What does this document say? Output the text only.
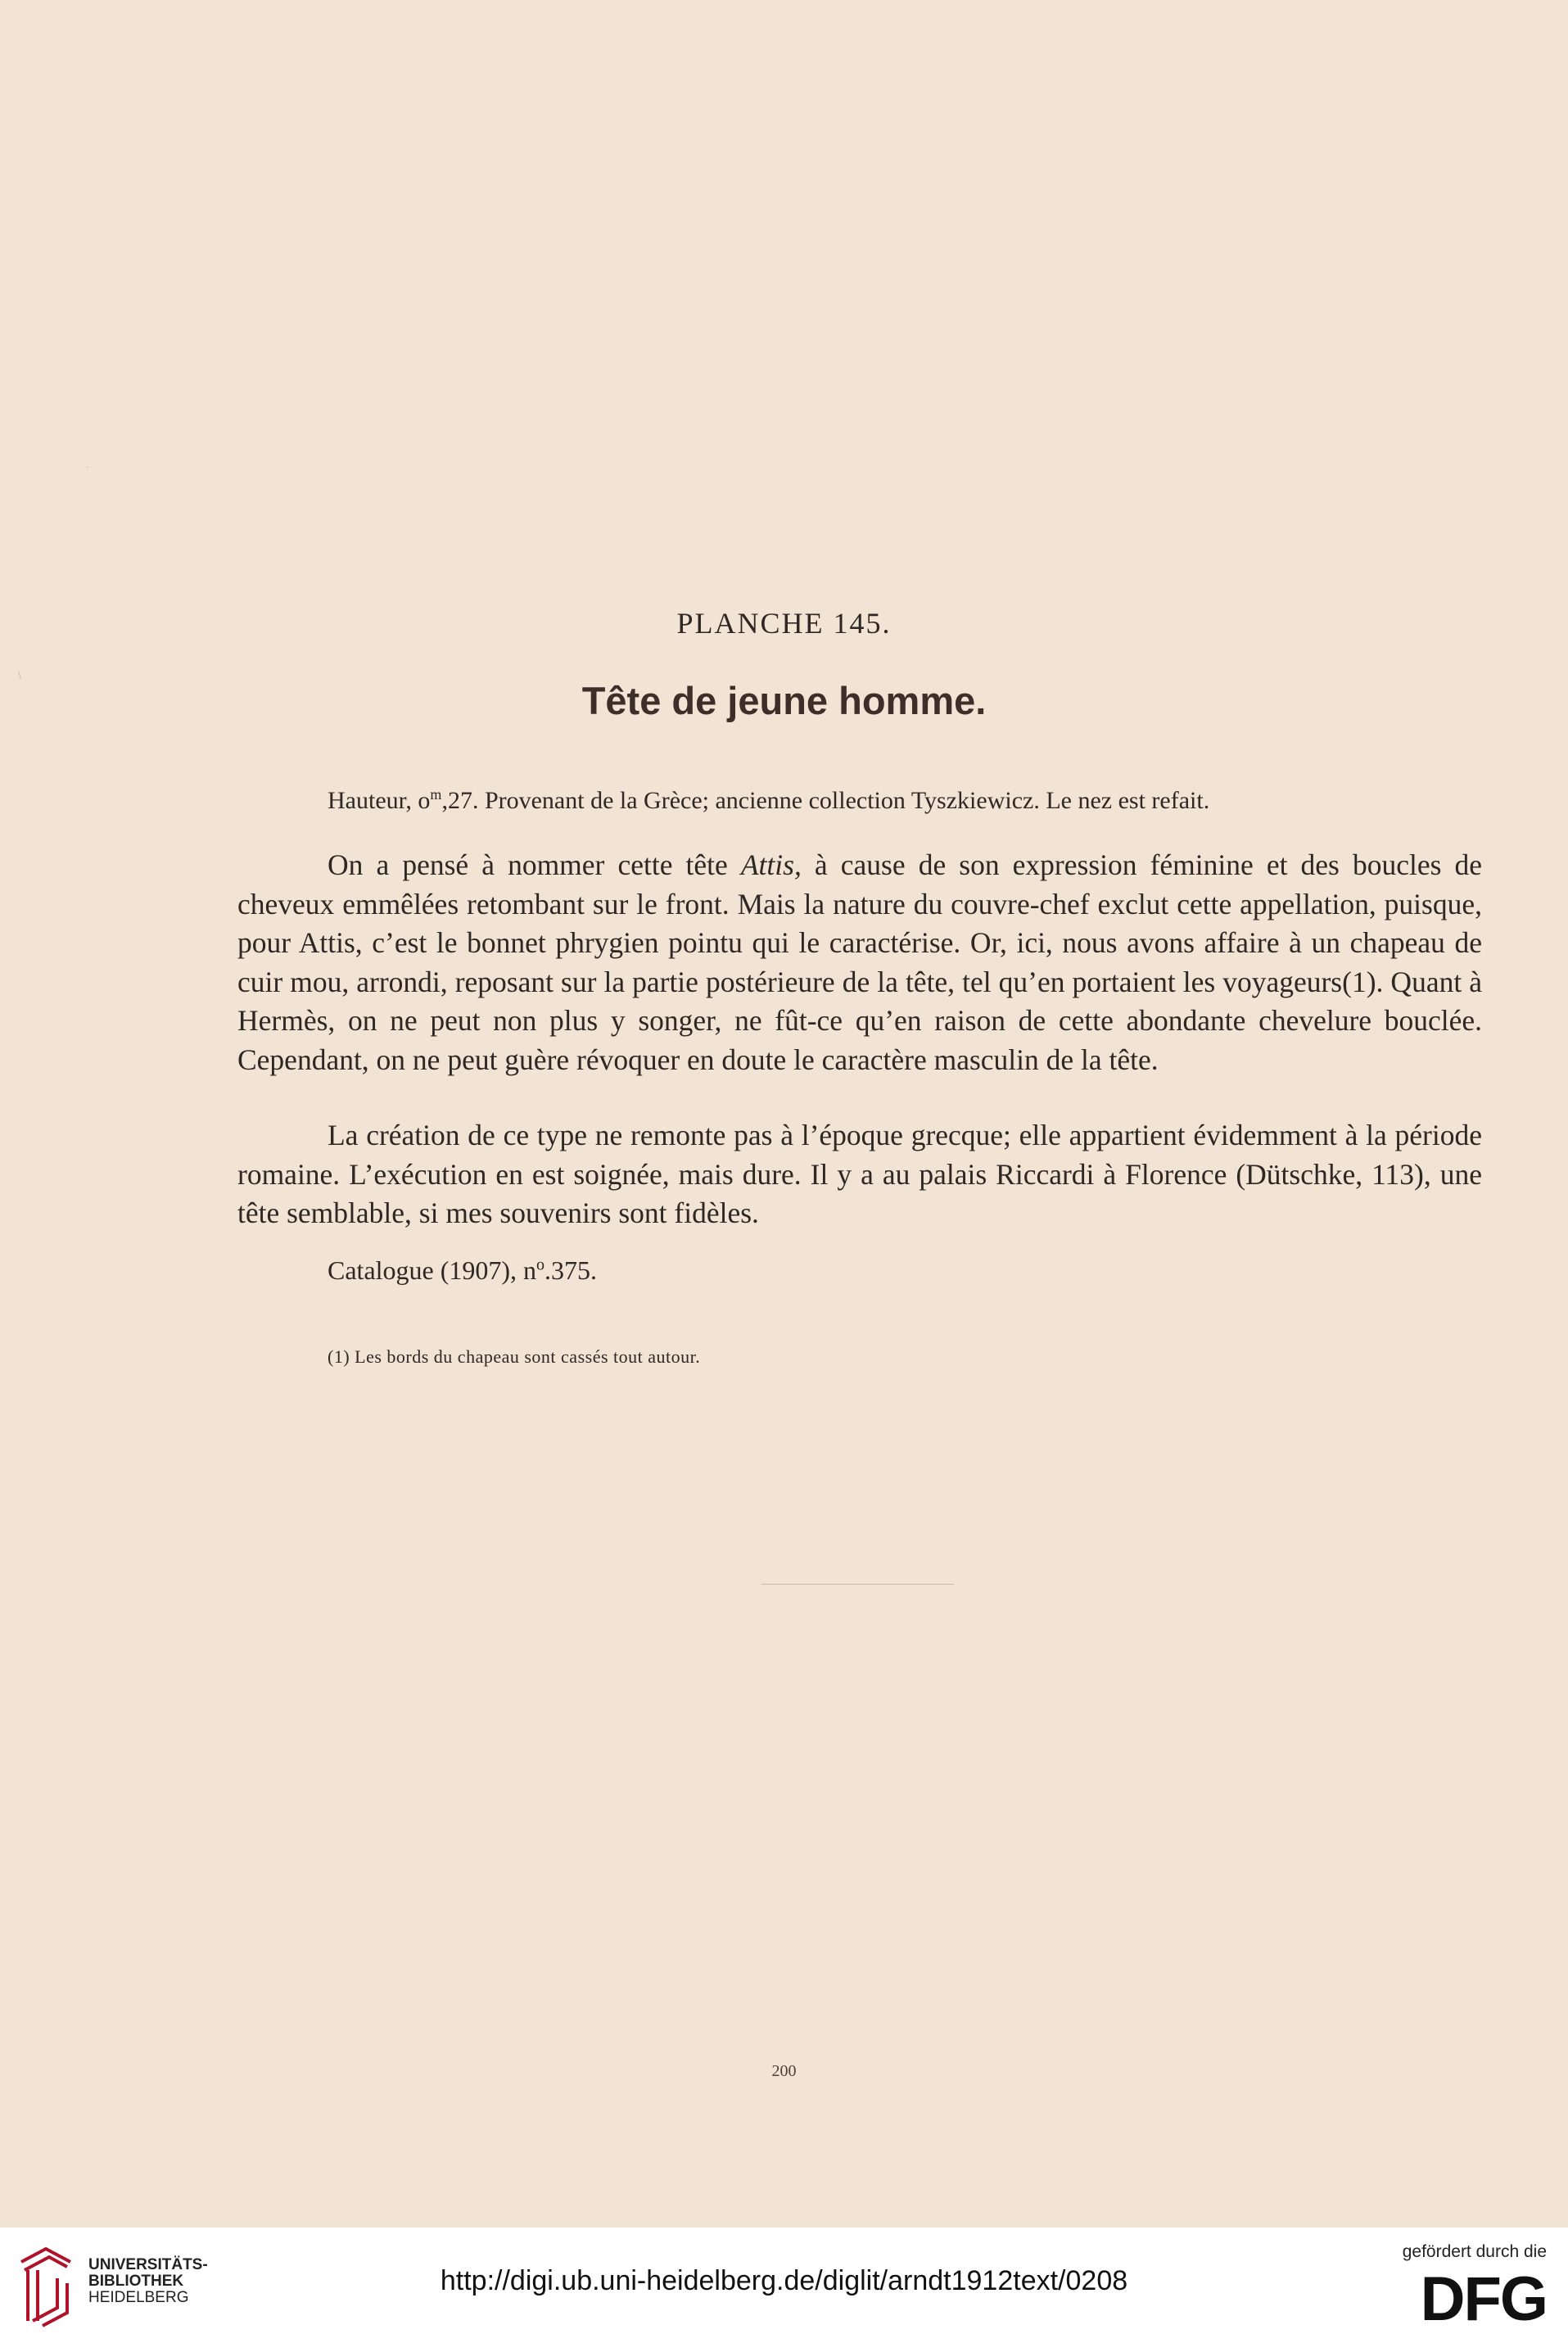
·
\
PLANCHE 145.
Tête de jeune homme.
Hauteur, $o^m,27$. Provenant de la Grèce; ancienne collection Tyszkiewicz. Le nez est refait.

On a pensé à nommer cette tête Attis, à cause de son expression féminine et des boucles de cheveux emmêlées retombant sur le front. Mais la nature du couvre-chef exclut cette appellation, puisque, pour Attis, c’est le bonnet phrygien pointu qui le caractérise. Or, ici, nous avons affaire à un chapeau de cuir mou, arrondi, reposant sur la partie postérieure de la tête, tel qu’en portaient les voyageurs(1). Quant à Hermès, on ne peut non plus y songer, ne fût-ce qu’en raison de cette abondante chevelure bouclée. Cependant, on ne peut guère révoquer en doute le caractère masculin de la tête.

La création de ce type ne remonte pas à l’époque grecque; elle appartient évidemment à la période romaine. L’exécution en est soignée, mais dure. Il y a au palais Riccardi à Florence (Dütschke, 113), une tête semblable, si mes souvenirs sont fidèles.

Catalogue (1907), $n^o.375$.
(1) Les bords du chapeau sont cassés tout autour.
200
UNIVERSITÄTS-
BIBLIOTHEK
HEIDELBERG
http://digi.ub.uni-heidelberg.de/diglit/arndt1912text/0208
gefördert durch die
DFG
